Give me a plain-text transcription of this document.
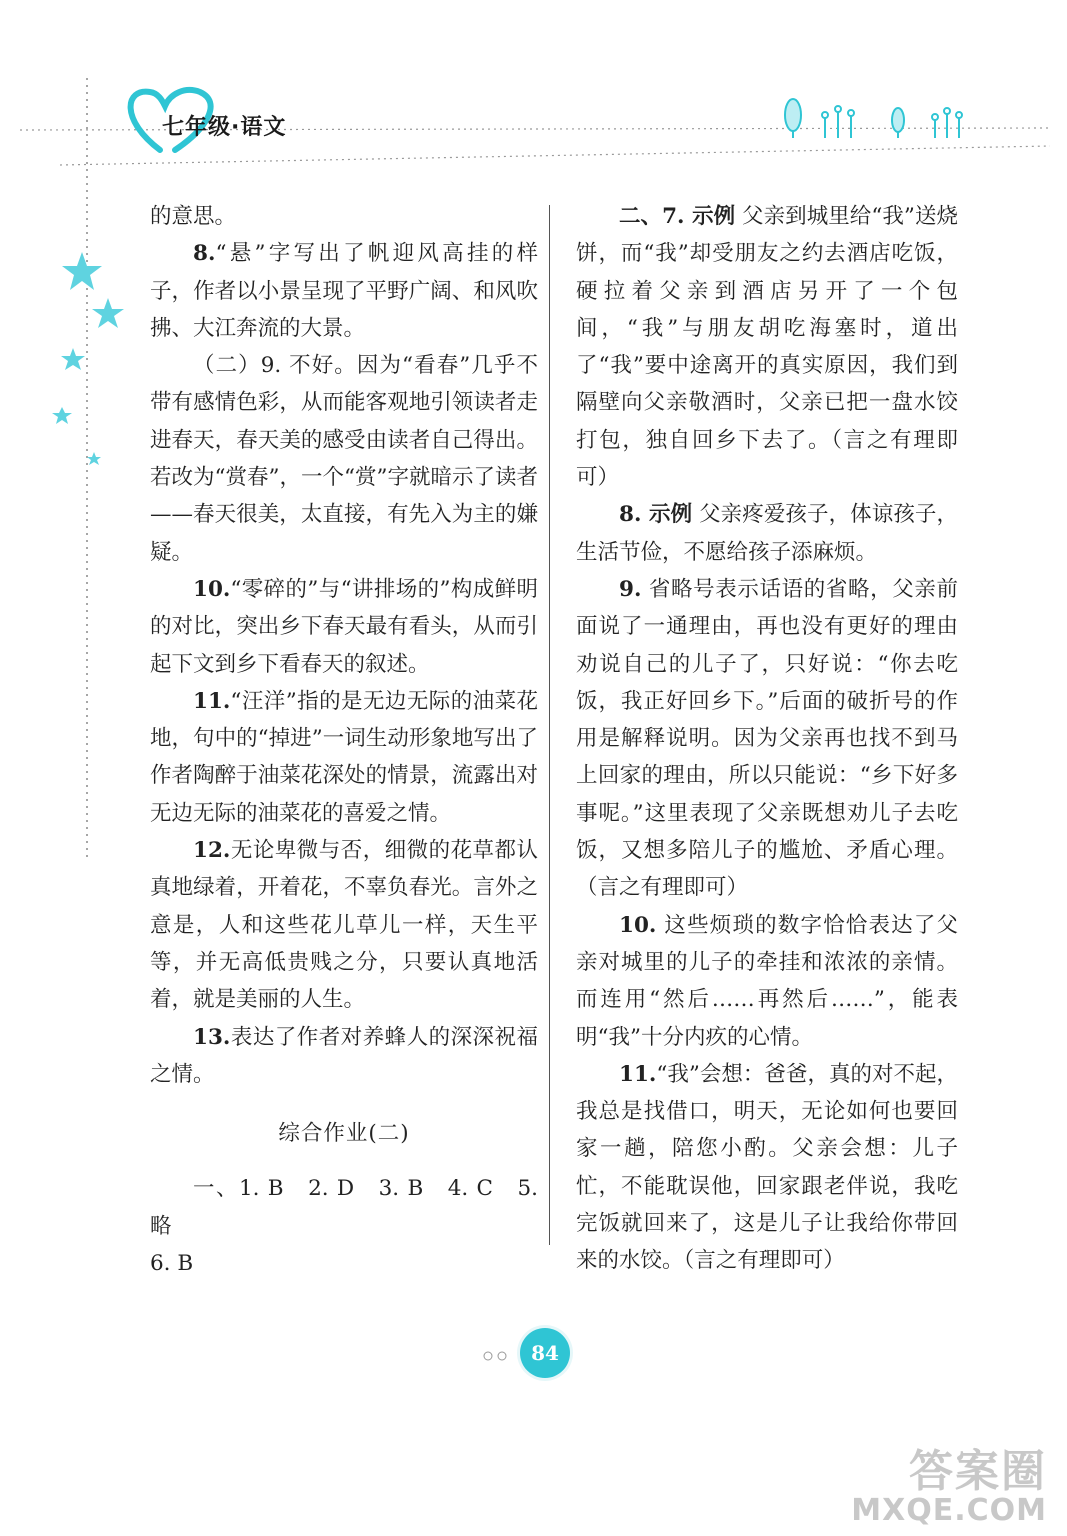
七年级·语文

的意思。

8.“悬”字写出了帆迎风高挂的样子，作者以小景呈现了平野广阔、和风吹拂、大江奔流的大景。

（二）9. 不好。因为“看春”几乎不带有感情色彩，从而能客观地引领读者走进春天，春天美的感受由读者自己得出。若改为“赏春”，一个“赏”字就暗示了读者——春天很美，太直接，有先入为主的嫌疑。

10.“零碎的”与“讲排场的”构成鲜明的对比，突出乡下春天最有看头，从而引起下文到乡下看春天的叙述。

11.“汪洋”指的是无边无际的油菜花地，句中的“掉进”一词生动形象地写出了作者陶醉于油菜花深处的情景，流露出对无边无际的油菜花的喜爱之情。

12.无论卑微与否，细微的花草都认真地绿着，开着花，不辜负春光。言外之意是，人和这些花儿草儿一样，天生平等，并无高低贵贱之分，只要认真地活着，就是美丽的人生。

13.表达了作者对养蜂人的深深祝福之情。

综合作业(二)

一、1. B　2. D　3. B　4. C　5. 略

6. B

二、7. 示例 父亲到城里给“我”送烧饼，而“我”却受朋友之约去酒店吃饭，硬拉着父亲到酒店另开了一个包间，“我”与朋友胡吃海塞时，道出了“我”要中途离开的真实原因，我们到隔壁向父亲敬酒时，父亲已把一盘水饺打包，独自回乡下去了。（言之有理即可）

8. 示例 父亲疼爱孩子，体谅孩子，生活节俭，不愿给孩子添麻烦。

9. 省略号表示话语的省略，父亲前面说了一通理由，再也没有更好的理由劝说自己的儿子了，只好说：“你去吃饭，我正好回乡下。”后面的破折号的作用是解释说明。因为父亲再也找不到马上回家的理由，所以只能说：“乡下好多事呢。”这里表现了父亲既想劝儿子去吃饭，又想多陪儿子的尴尬、矛盾心理。（言之有理即可）

10. 这些烦琐的数字恰恰表达了父亲对城里的儿子的牵挂和浓浓的亲情。而连用“然后……再然后……”，能表明“我”十分内疚的心情。

11.“我”会想：爸爸，真的对不起，我总是找借口，明天，无论如何也要回家一趟，陪您小酌。父亲会想：儿子忙，不能耽误他，回家跟老伴说，我吃完饭就回来了，这是儿子让我给你带回来的水饺。（言之有理即可）

84
答案圈
MXQE.COM
